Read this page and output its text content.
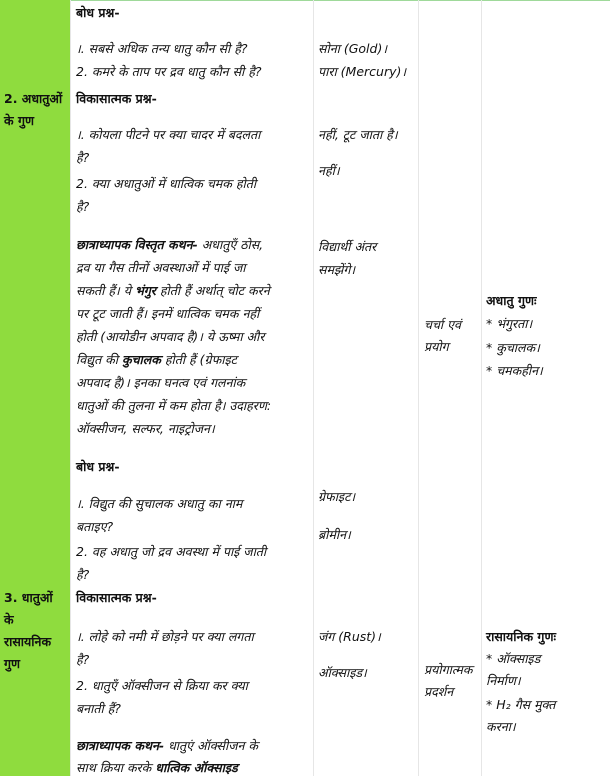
बोध प्रश्न-
।. सबसे अधिक तन्य धातु कौन सी है?
2. कमरे के ताप पर द्रव धातु कौन सी है?
सोना (Gold)।
पारा (Mercury)।
2. अधातुओं के गुण
विकासात्मक प्रश्न-
।. कोयला पीटने पर क्या चादर में बदलता
है?
2. क्या अधातुओं में धात्विक चमक होती
है?
नहीं, टूट जाता है।
नहीं।
छात्राध्यापक विस्तृत कथन- अधातुएँ ठोस,
द्रव या गैस तीनों अवस्थाओं में पाई जा
सकती हैं। ये भंगुर होती हैं अर्थात् चोट करने
पर टूट जाती हैं। इनमें धात्विक चमक नहीं
होती (आयोडीन अपवाद है)। ये ऊष्मा और
विद्युत की कुचालक होती हैं (ग्रेफाइट
अपवाद है)। इनका घनत्व एवं गलनांक
धातुओं की तुलना में कम होता है। उदाहरण:
ऑक्सीजन, सल्फर, नाइट्रोजन।
विद्यार्थी अंतर
समझेंगे।
चर्चा एवं
प्रयोग
अधातु गुणः
* भंगुरता।
* कुचालक।
* चमकहीन।
बोध प्रश्न-
।. विद्युत की सुचालक अधातु का नाम
बताइए?
2. वह अधातु जो द्रव अवस्था में पाई जाती
है?
ग्रेफाइट।
ब्रोमीन।
3. धातुओं
के
रासायनिक
गुण
विकासात्मक प्रश्न-
।. लोहे को नमी में छोड़ने पर क्या लगता
है?
2. धातुएँ ऑक्सीजन से क्रिया कर क्या
बनाती हैं?
जंग (Rust)।
ऑक्साइड।	प्रयोगात्मक
प्रदर्शन
रासायनिक गुणः
* ऑक्साइड
निर्माण।
* H₂ गैस मुक्त
करना।
छात्राध्यापक कथन- धातुएं ऑक्सीजन के
साथ क्रिया करके धात्विक ऑक्साइड
